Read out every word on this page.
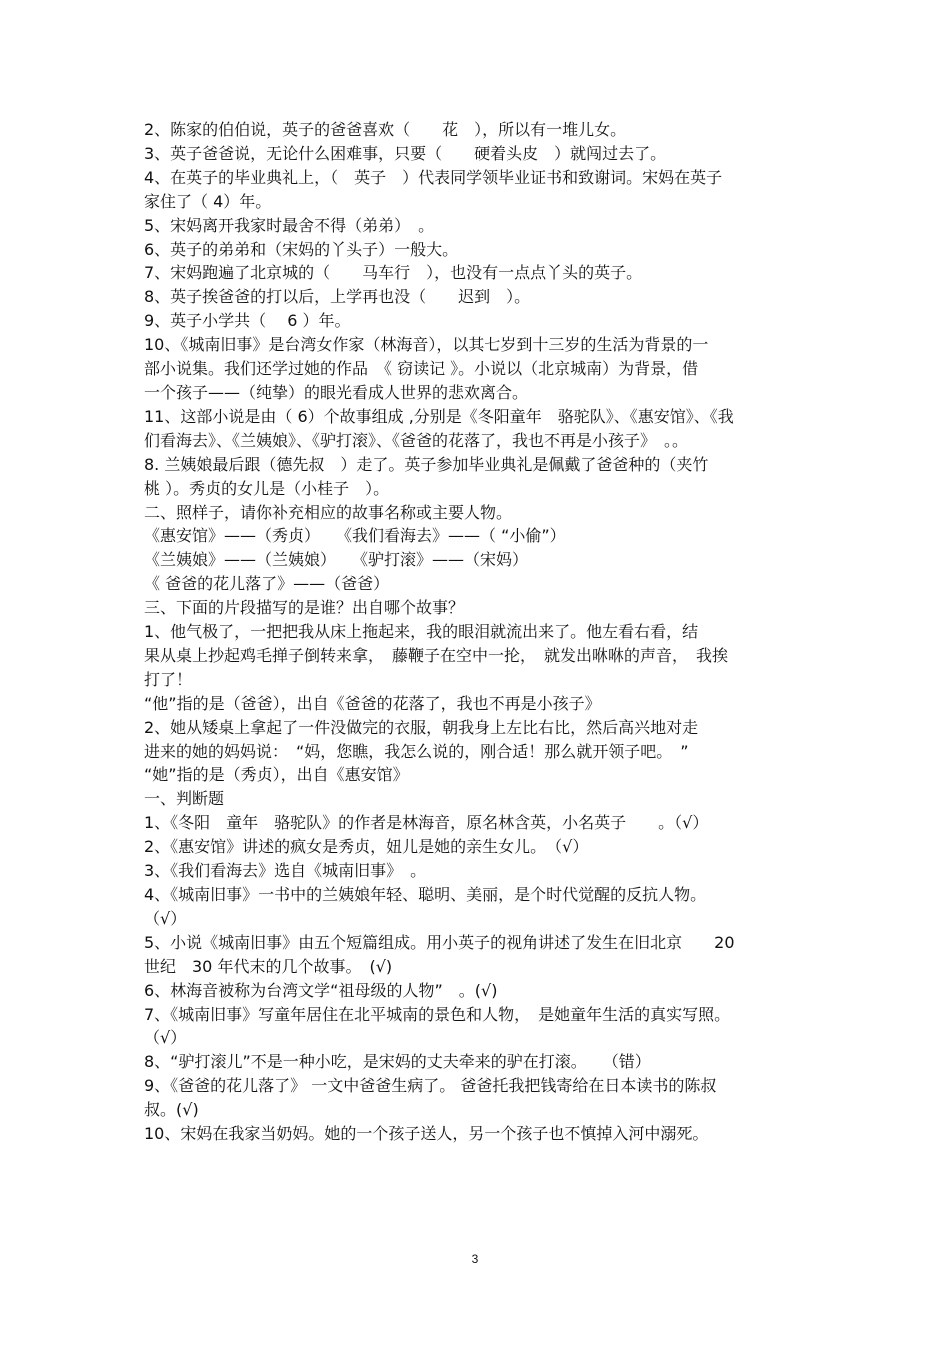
2、陈家的伯伯说，英子的爸爸喜欢（　　花　），所以有一堆儿女。
3、英子爸爸说，无论什么困难事，只要（　　硬着头皮　）就闯过去了。
4、在英子的毕业典礼上，（　英子　）代表同学领毕业证书和致谢词。宋妈在英子
家住了（ 4）年。
5、宋妈离开我家时最舍不得（弟弟）　。
6、英子的弟弟和（宋妈的丫头子）一般大。
7、宋妈跑遍了北京城的（　　马车行　），也没有一点点丫头的英子。
8、英子挨爸爸的打以后，上学再也没（　　迟到　）。
9、英子小学共（　 6 ）年。
10、《城南旧事》是台湾女作家（林海音），以其七岁到十三岁的生活为背景的一
部小说集。我们还学过她的作品　《 窃读记 》。小说以（北京城南）为背景，借
一个孩子——（纯挚）的眼光看成人世界的悲欢离合。
11、这部小说是由（ 6）个故事组成 ,分别是《冬阳童年　骆驼队》、《惠安馆》、《我
们看海去》、《兰姨娘》、《驴打滚》、《爸爸的花落了，我也不再是小孩子》　。。
8. 兰姨娘最后跟（德先叔　）走了。英子参加毕业典礼是佩戴了爸爸种的（夹竹
桃 ）。秀贞的女儿是（小桂子　）。
二、照样子，请你补充相应的故事名称或主要人物。
《惠安馆》——（秀贞）　　《我们看海去》——（ “小偷”）
《兰姨娘》——（兰姨娘）　　《驴打滚》——（宋妈）
《 爸爸的花儿落了》——（爸爸）
三、下面的片段描写的是谁？出自哪个故事？
1、他气极了，一把把我从床上拖起来，我的眼泪就流出来了。他左看右看，结
果从桌上抄起鸡毛掸子倒转来拿，　藤鞭子在空中一抡，　就发出咻咻的声音，　我挨
打了！
“他”指的是（爸爸），出自《爸爸的花落了，我也不再是小孩子》
2、她从矮桌上拿起了一件没做完的衣服，朝我身上左比右比，然后高兴地对走
进来的她的妈妈说：　“妈，您瞧，我怎么说的，刚合适！那么就开领子吧。　”
“她”指的是（秀贞），出自《惠安馆》
一、判断题
1、《冬阳　童年　骆驼队》的作者是林海音，原名林含英，小名英子　　。（√）
2、《惠安馆》讲述的疯女是秀贞，妞儿是她的亲生女儿。　（√）
3、《我们看海去》选自《城南旧事》　。
4、《城南旧事》一书中的兰姨娘年轻、聪明、美丽，是个时代觉醒的反抗人物。
（√）
5、小说《城南旧事》由五个短篇组成。用小英子的视角讲述了发生在旧北京　　20
世纪　30 年代末的几个故事。　(√)
6、林海音被称为台湾文学“祖母级的人物”　。(√)
7、《城南旧事》写童年居住在北平城南的景色和人物，　是她童年生活的真实写照。
（√）
8、“驴打滚儿”不是一种小吃，是宋妈的丈夫牵来的驴在打滚。　　（错）
9、《爸爸的花儿落了》 一文中爸爸生病了。 爸爸托我把钱寄给在日本读书的陈叔
叔。(√)
10、宋妈在我家当奶妈。她的一个孩子送人，另一个孩子也不慎掉入河中溺死。
3
